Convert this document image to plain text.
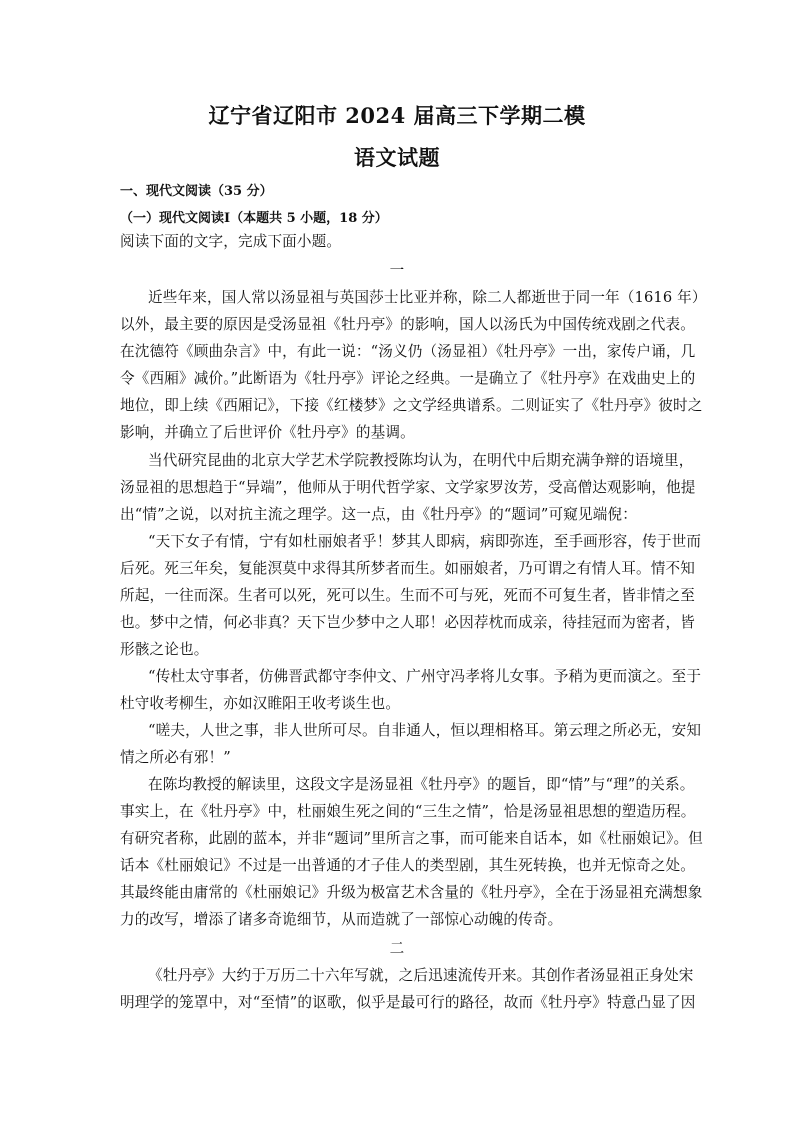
辽宁省辽阳市 2024 届高三下学期二模
语文试题
一、现代文阅读（35 分）
（一）现代文阅读Ⅰ（本题共 5 小题，18 分）
阅读下面的文字，完成下面小题。
一
近些年来，国人常以汤显祖与英国莎士比亚并称，除二人都逝世于同一年（1616 年）
以外，最主要的原因是受汤显祖《牡丹亭》的影响，国人以汤氏为中国传统戏剧之代表。
在沈德符《顾曲杂言》中，有此一说：“汤义仍（汤显祖）《牡丹亭》一出，家传户诵，几
令《西厢》减价。”此断语为《牡丹亭》评论之经典。一是确立了《牡丹亭》在戏曲史上的
地位，即上续《西厢记》，下接《红楼梦》之文学经典谱系。二则证实了《牡丹亭》彼时之
影响，并确立了后世评价《牡丹亭》的基调。
当代研究昆曲的北京大学艺术学院教授陈均认为，在明代中后期充满争辩的语境里，
汤显祖的思想趋于“异端”，他师从于明代哲学家、文学家罗汝芳，受高僧达观影响，他提
出“情”之说，以对抗主流之理学。这一点，由《牡丹亭》的“题词”可窥见端倪：
“天下女子有情，宁有如杜丽娘者乎！梦其人即病，病即弥连，至手画形容，传于世而
后死。死三年矣，复能溟莫中求得其所梦者而生。如丽娘者，乃可谓之有情人耳。情不知
所起，一往而深。生者可以死，死可以生。生而不可与死，死而不可复生者，皆非情之至
也。梦中之情，何必非真？天下岂少梦中之人耶！必因荐枕而成亲，待挂冠而为密者，皆
形骸之论也。
“传杜太守事者，仿佛晋武都守李仲文、广州守冯孝将儿女事。予稍为更而演之。至于
杜守收考柳生，亦如汉睢阳王收考谈生也。
“嗟夫，人世之事，非人世所可尽。自非通人，恒以理相格耳。第云理之所必无，安知
情之所必有邪！”
在陈均教授的解读里，这段文字是汤显祖《牡丹亭》的题旨，即“情”与“理”的关系。
事实上，在《牡丹亭》中，杜丽娘生死之间的“三生之情”，恰是汤显祖思想的塑造历程。
有研究者称，此剧的蓝本，并非“题词”里所言之事，而可能来自话本，如《杜丽娘记》。但
话本《杜丽娘记》不过是一出普通的才子佳人的类型剧，其生死转换，也并无惊奇之处。
其最终能由庸常的《杜丽娘记》升级为极富艺术含量的《牡丹亭》，全在于汤显祖充满想象
力的改写，增添了诸多奇诡细节，从而造就了一部惊心动魄的传奇。
二
《牡丹亭》大约于万历二十六年写就，之后迅速流传开来。其创作者汤显祖正身处宋
明理学的笼罩中，对“至情”的讴歌，似乎是最可行的路径，故而《牡丹亭》特意凸显了因
